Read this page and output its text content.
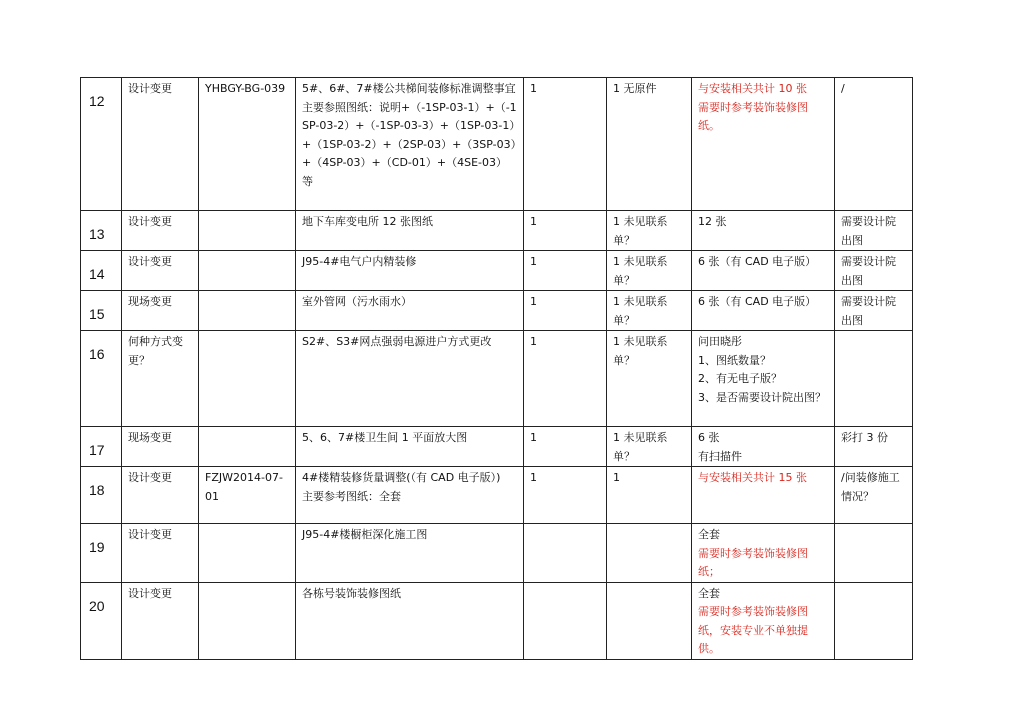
12	设计变更	YHBGY-BG-039	5#、6#、7#楼公共梯间装修标准调整事宜
主要参照图纸：说明+（-1SP-03-1）+（-1SP-03-2）+（-1SP-03-3）+（1SP-03-1）+（1SP-03-2）+（2SP-03）+（3SP-03）+（4SP-03）+（CD-01）+（4SE-03）等	1	1 无原件	与安装相关共计 10 张
需要时参考装饰装修图纸。	/
13	设计变更		地下车库变电所 12 张图纸	1	1 未见联系单？	12 张	需要设计院出图
14	设计变更		J95-4#电气户内精装修	1	1 未见联系单？	6 张（有 CAD 电子版）	需要设计院出图
15	现场变更		室外管网（污水雨水）	1	1 未见联系单？	6 张（有 CAD 电子版）	需要设计院出图
16	何种方式变更？		S2#、S3#网点强弱电源进户方式更改	1	1 未见联系单？	问田晓彤
1、图纸数量？
2、有无电子版？
3、是否需要设计院出图？	

17	现场变更		5、6、7#楼卫生间 1 平面放大图	1	1 未见联系单？	6 张
有扫描件	彩打 3 份
18	设计变更	FZJW2014-07-01	4#楼精装修货量调整(（有 CAD 电子版）)
主要参考图纸：全套	1	1	与安装相关共计 15 张	/问装修施工情况？
19	设计变更		J95-4#楼橱柜深化施工图			全套
需要时参考装饰装修图纸；	

20	设计变更		各栋号装饰装修图纸			全套
需要时参考装饰装修图纸，安装专业不单独提供。	
